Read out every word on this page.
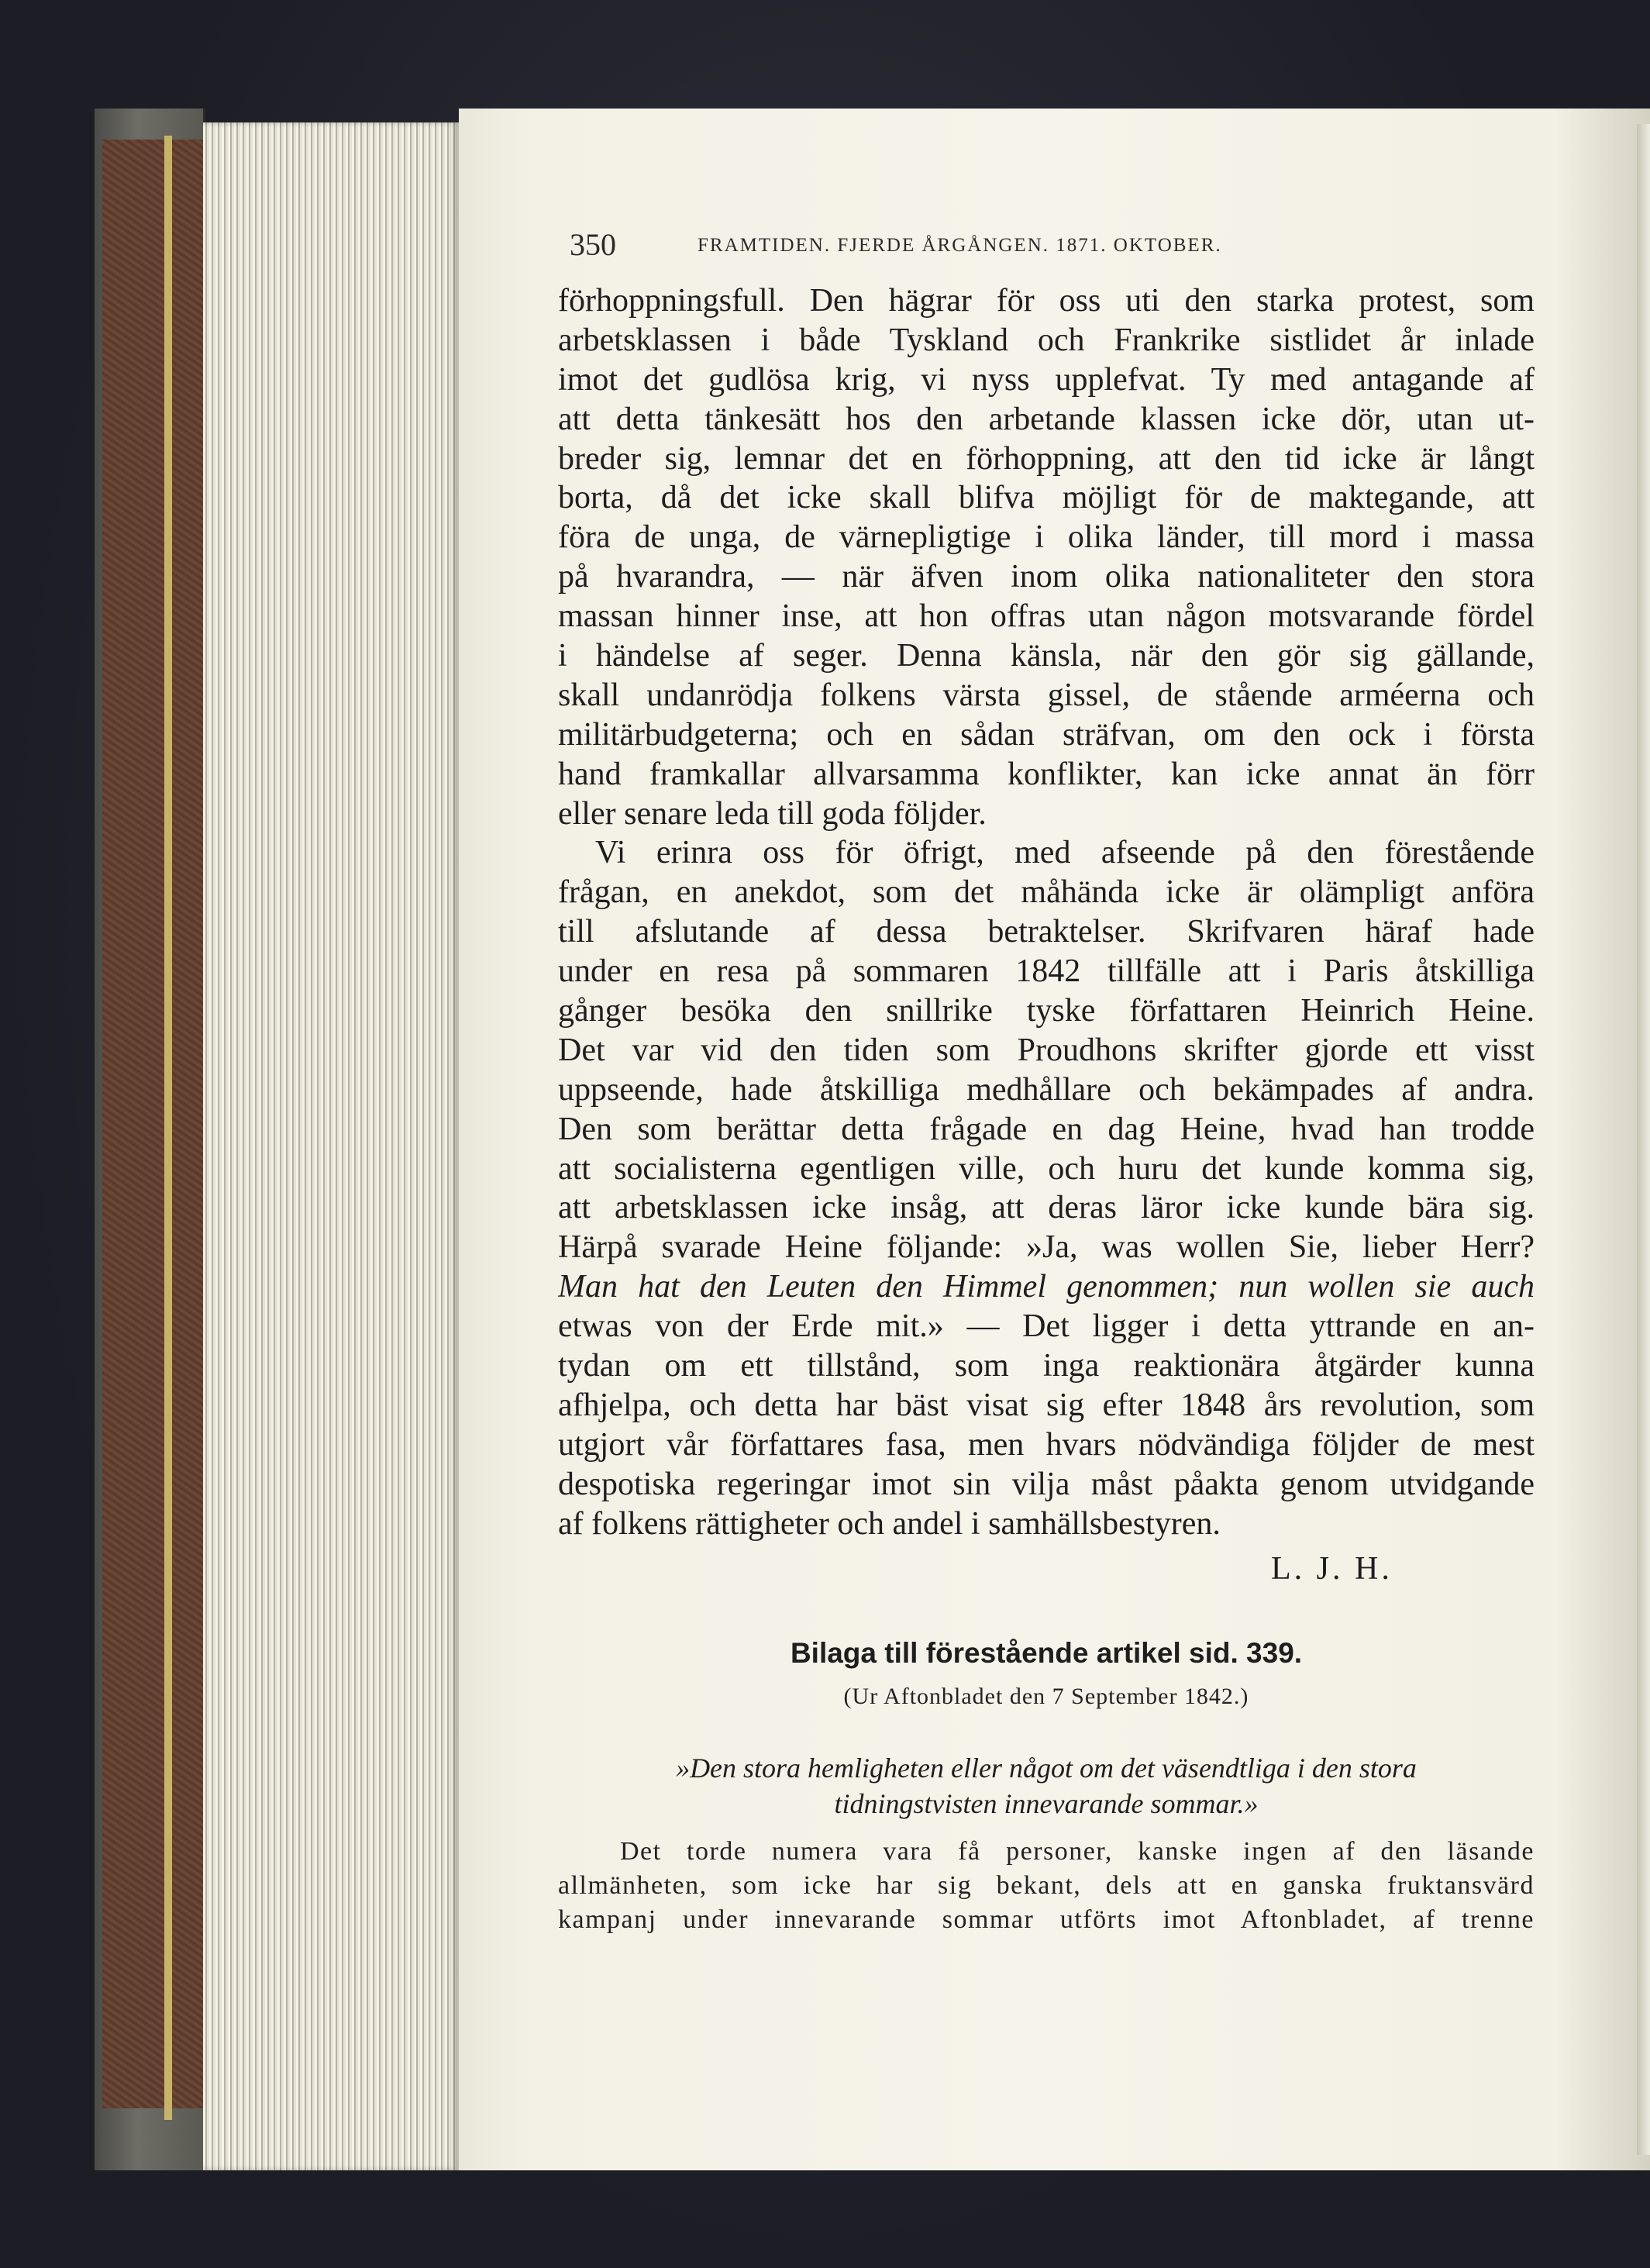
350	FRAMTIDEN. FJERDE ÅRGÅNGEN. 1871. OKTOBER.
förhoppningsfull. Den hägrar för oss uti den starka protest, som
arbetsklassen i både Tyskland och Frankrike sistlidet år inlade
imot det gudlösa krig, vi nyss upplefvat. Ty med antagande af
att detta tänkesätt hos den arbetande klassen icke dör, utan ut-
breder sig, lemnar det en förhoppning, att den tid icke är långt
borta, då det icke skall blifva möjligt för de maktegande, att
föra de unga, de värnepligtige i olika länder, till mord i massa
på hvarandra, — när äfven inom olika nationaliteter den stora
massan hinner inse, att hon offras utan någon motsvarande fördel
i händelse af seger. Denna känsla, när den gör sig gällande,
skall undanrödja folkens värsta gissel, de stående arméerna och
militärbudgeterna; och en sådan sträfvan, om den ock i första
hand framkallar allvarsamma konflikter, kan icke annat än förr
eller senare leda till goda följder.
Vi erinra oss för öfrigt, med afseende på den förestående
frågan, en anekdot, som det måhända icke är olämpligt anföra
till afslutande af dessa betraktelser. Skrifvaren häraf hade
under en resa på sommaren 1842 tillfälle att i Paris åtskilliga
gånger besöka den snillrike tyske författaren Heinrich Heine.
Det var vid den tiden som Proudhons skrifter gjorde ett visst
uppseende, hade åtskilliga medhållare och bekämpades af andra.
Den som berättar detta frågade en dag Heine, hvad han trodde
att socialisterna egentligen ville, och huru det kunde komma sig,
att arbetsklassen icke insåg, att deras läror icke kunde bära sig.
Härpå svarade Heine följande: »Ja, was wollen Sie, lieber Herr?
Man hat den Leuten den Himmel genommen; nun wollen sie auch
etwas von der Erde mit.» — Det ligger i detta yttrande en an-
tydan om ett tillstånd, som inga reaktionära åtgärder kunna
afhjelpa, och detta har bäst visat sig efter 1848 års revolution, som
utgjort vår författares fasa, men hvars nödvändiga följder de mest
despotiska regeringar imot sin vilja måst påakta genom utvidgande
af folkens rättigheter och andel i samhällsbestyren.
L. J. H.
Bilaga till förestående artikel sid. 339.
(Ur Aftonbladet den 7 September 1842.)
»Den stora hemligheten eller något om det väsendtliga i den stora
tidningstvisten innevarande sommar.»
Det torde numera vara få personer, kanske ingen af den läsande
allmänheten, som icke har sig bekant, dels att en ganska fruktansvärd
kampanj under innevarande sommar utförts imot Aftonbladet, af trenne
